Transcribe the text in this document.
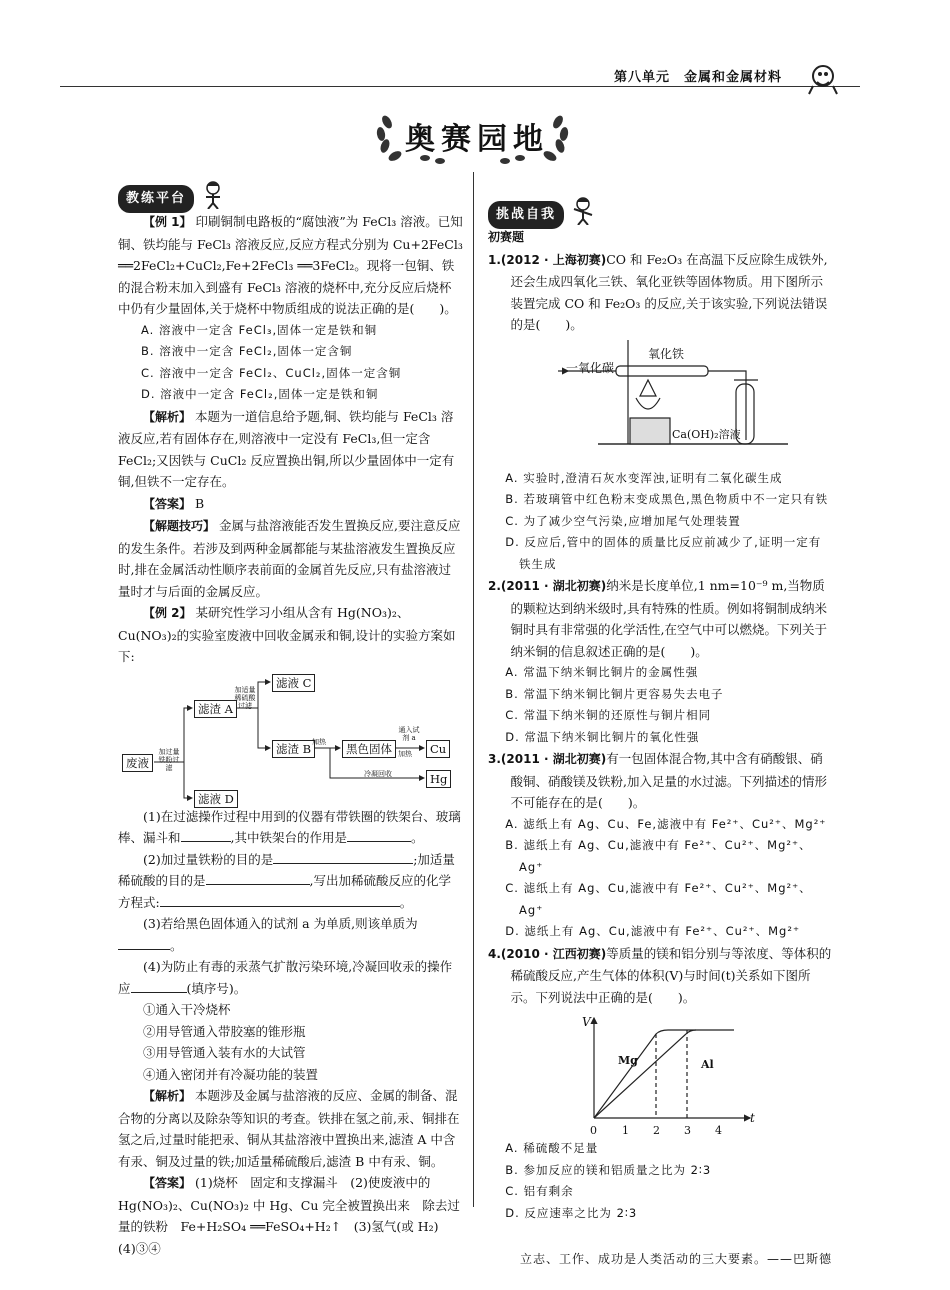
第八单元　金属和金属材料
奥赛园地
教练平台

【例 1】 印刷铜制电路板的“腐蚀液”为 FeCl₃ 溶液。已知铜、铁均能与 FeCl₃ 溶液反应,反应方程式分别为 Cu+2FeCl₃ ══2FeCl₂+CuCl₂,Fe+2FeCl₃ ══3FeCl₂。现将一包铜、铁的混合粉末加入到盛有 FeCl₃ 溶液的烧杯中,充分反应后烧杯中仍有少量固体,关于烧杯中物质组成的说法正确的是(　　)。

A. 溶液中一定含 FeCl₃,固体一定是铁和铜

B. 溶液中一定含 FeCl₂,固体一定含铜

C. 溶液中一定含 FeCl₂、CuCl₂,固体一定含铜

D. 溶液中一定含 FeCl₂,固体一定是铁和铜

【解析】 本题为一道信息给予题,铜、铁均能与 FeCl₃ 溶液反应,若有固体存在,则溶液中一定没有 FeCl₃,但一定含 FeCl₂;又因铁与 CuCl₂ 反应置换出铜,所以少量固体中一定有铜,但铁不一定存在。

【答案】 B

【解题技巧】 金属与盐溶液能否发生置换反应,要注意反应的发生条件。若涉及到两种金属都能与某盐溶液发生置换反应时,排在金属活动性顺序表前面的金属首先反应,只有盐溶液过量时才与后面的金属反应。

【例 2】 某研究性学习小组从含有 Hg(NO₃)₂、Cu(NO₃)₂的实验室废液中回收金属汞和铜,设计的实验方案如下:

废液
加过量铁粉过滤
滤渣 A
滤液 D
加适量稀硫酸过滤
滤液 C
滤渣 B 加热	黑色固体
通入试剂 a
加热	Cu
冷凝回收	Hg

(1)在过滤操作过程中用到的仪器有带铁圈的铁架台、玻璃棒、漏斗和	,其中铁架台的作用是	。

(2)加过量铁粉的目的是	;加适量稀硫酸的目的是	,写出加稀硫酸反应的化学方程式:	。

(3)若给黑色固体通入的试剂 a 为单质,则该单质为。

(4)为防止有毒的汞蒸气扩散污染环境,冷凝回收汞的操作应	(填序号)。

①通入干冷烧杯

②用导管通入带胶塞的锥形瓶

③用导管通入装有水的大试管

④通入密闭并有冷凝功能的装置

【解析】 本题涉及金属与盐溶液的反应、金属的制备、混合物的分离以及除杂等知识的考查。铁排在氢之前,汞、铜排在氢之后,过量时能把汞、铜从其盐溶液中置换出来,滤渣 A 中含有汞、铜及过量的铁;加适量稀硫酸后,滤渣 B 中有汞、铜。

【答案】 (1)烧杯　固定和支撑漏斗　(2)使废液中的 Hg(NO₃)₂、Cu(NO₃)₂ 中 Hg、Cu 完全被置换出来　除去过量的铁粉　Fe+H₂SO₄ ══FeSO₄+H₂↑　(3)氢气(或 H₂)　(4)③④

挑战自我

初赛题

1.(2012 · 上海初赛)CO 和 Fe₂O₃ 在高温下反应除生成铁外,还会生成四氧化三铁、氧化亚铁等固体物质。用下图所示装置完成 CO 和 Fe₂O₃ 的反应,关于该实验,下列说法错误的是(　　)。

一氧化碳
氧化铁
Ca(OH)₂溶液

A. 实验时,澄清石灰水变浑浊,证明有二氧化碳生成

B. 若玻璃管中红色粉末变成黑色,黑色物质中不一定只有铁

C. 为了减少空气污染,应增加尾气处理装置

D. 反应后,管中的固体的质量比反应前减少了,证明一定有铁生成

2.(2011 · 湖北初赛)纳米是长度单位,1 nm=10⁻⁹ m,当物质的颗粒达到纳米级时,具有特殊的性质。例如将铜制成纳米铜时具有非常强的化学活性,在空气中可以燃烧。下列关于纳米铜的信息叙述正确的是(　　)。

A. 常温下纳米铜比铜片的金属性强

B. 常温下纳米铜比铜片更容易失去电子

C. 常温下纳米铜的还原性与铜片相同

D. 常温下纳米铜比铜片的氧化性强

3.(2011 · 湖北初赛)有一包固体混合物,其中含有硝酸银、硝酸铜、硝酸镁及铁粉,加入足量的水过滤。下列描述的情形不可能存在的是(　　)。

A. 滤纸上有 Ag、Cu、Fe,滤液中有 Fe²⁺、Cu²⁺、Mg²⁺

B. 滤纸上有 Ag、Cu,滤液中有 Fe²⁺、Cu²⁺、Mg²⁺、Ag⁺

C. 滤纸上有 Ag、Cu,滤液中有 Fe²⁺、Cu²⁺、Mg²⁺、Ag⁺

D. 滤纸上有 Ag、Cu,滤液中有 Fe²⁺、Cu²⁺、Mg²⁺

4.(2010 · 江西初赛)等质量的镁和铝分别与等浓度、等体积的稀硫酸反应,产生气体的体积(V)与时间(t)关系如下图所示。下列说法中正确的是(　　)。

V
t
Mg	Al
0 1 2 3 4

A. 稀硫酸不足量

B. 参加反应的镁和铝质量之比为 2∶3

C. 铝有剩余

D. 反应速率之比为 2∶3

立志、工作、成功是人类活动的三大要素。——巴斯德
